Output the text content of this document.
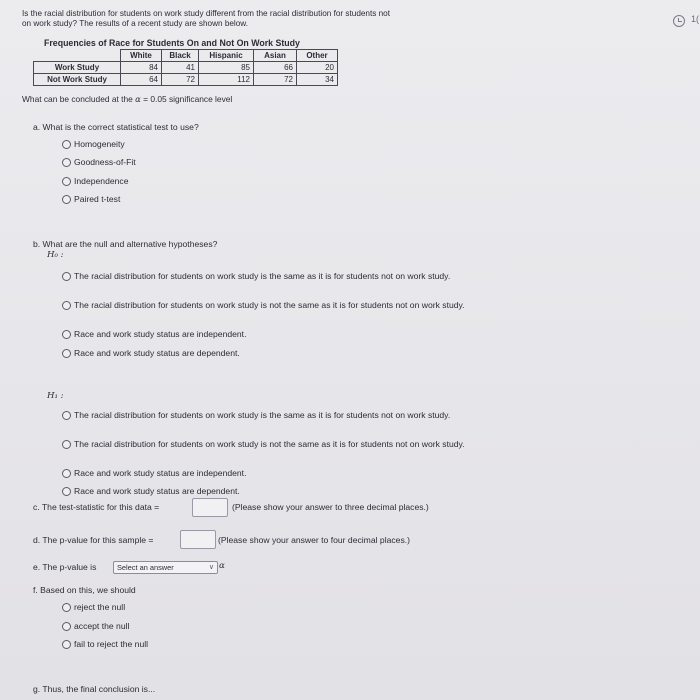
1(
Is the racial distribution for students on work study different from the racial distribution for students not
on work study? The results of a recent study are shown below.
Frequencies of Race for Students On and Not On Work Study
	White	Black	Hispanic	Asian	Other
Work Study	84	41	85	66	20
Not Work Study	64	72	112	72	34
What can be concluded at the α = 0.05 significance level
a. What is the correct statistical test to use?
Homogeneity
Goodness-of-Fit
Independence
Paired t-test
b. What are the null and alternative hypotheses?
H₀ :
The racial distribution for students on work study is the same as it is for students not on work study.
The racial distribution for students on work study is not the same as it is for students not on work study.
Race and work study status are independent.
Race and work study status are dependent.
H₁ :
The racial distribution for students on work study is the same as it is for students not on work study.
The racial distribution for students on work study is not the same as it is for students not on work study.
Race and work study status are independent.
Race and work study status are dependent.
c. The test-statistic for this data =	(Please show your answer to three decimal places.)
d. The p-value for this sample =	(Please show your answer to four decimal places.)
e. The p-value is	Select an answer	∨ α
f. Based on this, we should
reject the null
accept the null
fail to reject the null
g. Thus, the final conclusion is...
